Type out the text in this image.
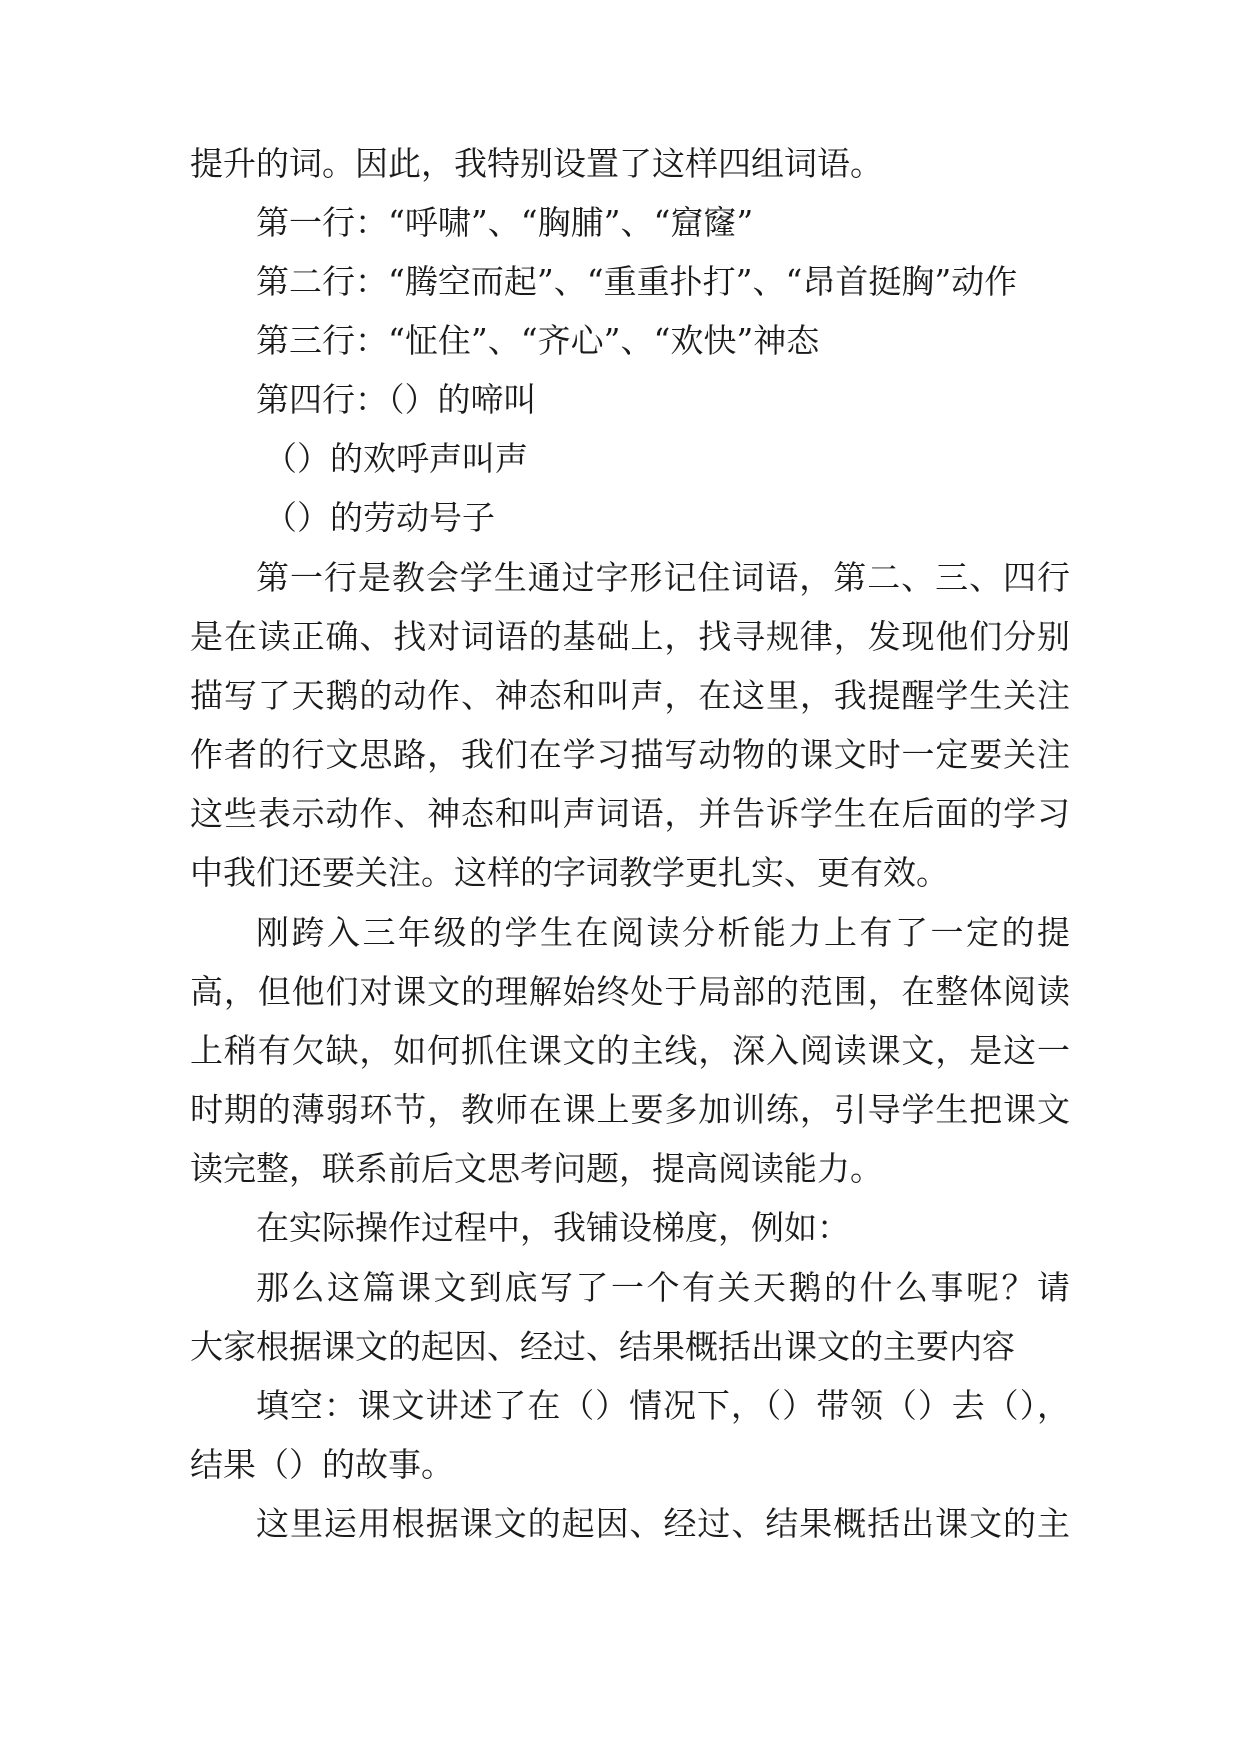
提升的词。因此，我特别设置了这样四组词语。
第一行：“呼啸”、“胸脯”、“窟窿”
第二行：“腾空而起”、“重重扑打”、“昂首挺胸”动作
第三行：“怔住”、“齐心”、“欢快”神态
第四行：（）的啼叫
（）的欢呼声叫声
（）的劳动号子
第一行是教会学生通过字形记住词语，第二、三、四行
是在读正确、找对词语的基础上，找寻规律，发现他们分别
描写了天鹅的动作、神态和叫声，在这里，我提醒学生关注
作者的行文思路，我们在学习描写动物的课文时一定要关注
这些表示动作、神态和叫声词语，并告诉学生在后面的学习
中我们还要关注。这样的字词教学更扎实、更有效。
刚跨入三年级的学生在阅读分析能力上有了一定的提
高，但他们对课文的理解始终处于局部的范围，在整体阅读
上稍有欠缺，如何抓住课文的主线，深入阅读课文，是这一
时期的薄弱环节，教师在课上要多加训练，引导学生把课文
读完整，联系前后文思考问题，提高阅读能力。
在实际操作过程中，我铺设梯度，例如：
那么这篇课文到底写了一个有关天鹅的什么事呢？请
大家根据课文的起因、经过、结果概括出课文的主要内容
填空：课文讲述了在（）情况下，（）带领（）去（），
结果（）的故事。
这里运用根据课文的起因、经过、结果概括出课文的主
